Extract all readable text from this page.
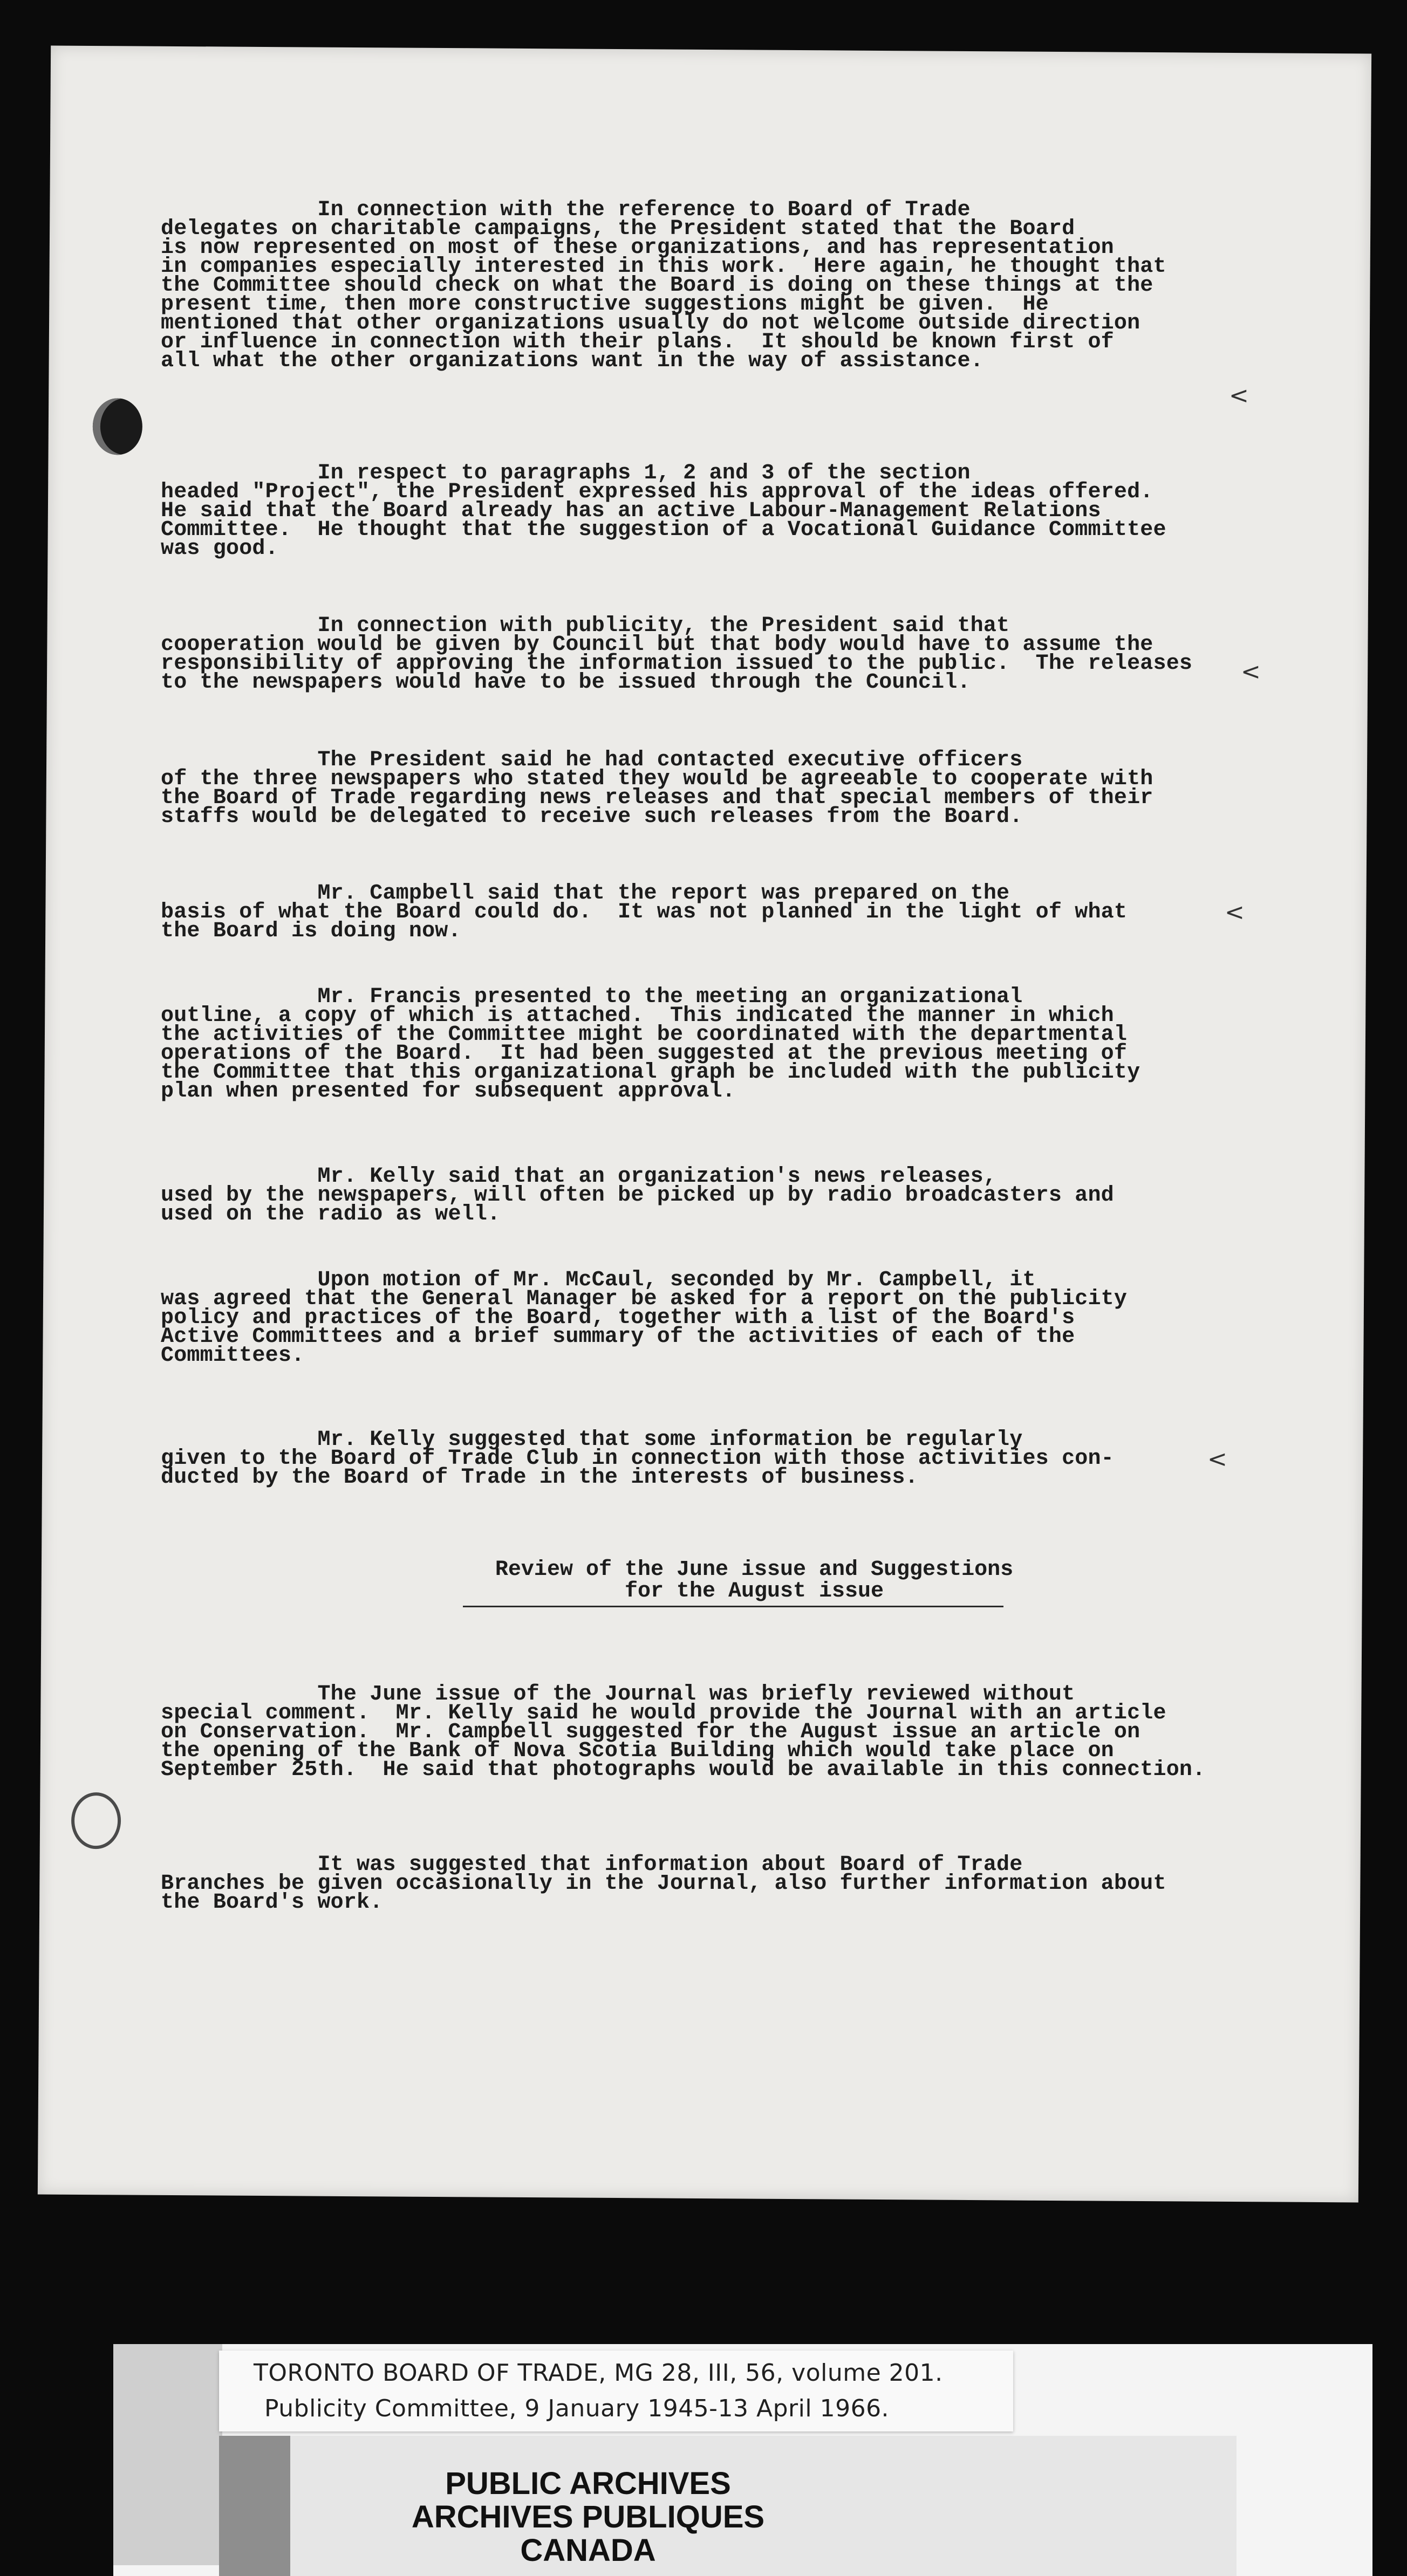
In connection with the reference to Board of Trade
delegates on charitable campaigns, the President stated that the Board
is now represented on most of these organizations, and has representation
in companies especially interested in this work.  Here again, he thought that
the Committee should check on what the Board is doing on these things at the
present time, then more constructive suggestions might be given.  He
mentioned that other organizations usually do not welcome outside direction
or influence in connection with their plans.  It should be known first of
all what the other organizations want in the way of assistance.

In respect to paragraphs 1, 2 and 3 of the section
headed "Project", the President expressed his approval of the ideas offered.
He said that the Board already has an active Labour-Management Relations
Committee.  He thought that the suggestion of a Vocational Guidance Committee
was good.

In connection with publicity, the President said that
cooperation would be given by Council but that body would have to assume the
responsibility of approving the information issued to the public.  The releases
to the newspapers would have to be issued through the Council.

The President said he had contacted executive officers
of the three newspapers who stated they would be agreeable to cooperate with
the Board of Trade regarding news releases and that special members of their
staffs would be delegated to receive such releases from the Board.

Mr. Campbell said that the report was prepared on the
basis of what the Board could do.  It was not planned in the light of what
the Board is doing now.

Mr. Francis presented to the meeting an organizational
outline, a copy of which is attached.  This indicated the manner in which
the activities of the Committee might be coordinated with the departmental
operations of the Board.  It had been suggested at the previous meeting of
the Committee that this organizational graph be included with the publicity
plan when presented for subsequent approval.

Mr. Kelly said that an organization's news releases,
used by the newspapers, will often be picked up by radio broadcasters and
used on the radio as well.

Upon motion of Mr. McCaul, seconded by Mr. Campbell, it
was agreed that the General Manager be asked for a report on the publicity
policy and practices of the Board, together with a list of the Board's
Active Committees and a brief summary of the activities of each of the
Committees.

Mr. Kelly suggested that some information be regularly
given to the Board of Trade Club in connection with those activities con-
ducted by the Board of Trade in the interests of business.

Review of the June issue and Suggestions
for the August issue

The June issue of the Journal was briefly reviewed without
special comment.  Mr. Kelly said he would provide the Journal with an article
on Conservation.  Mr. Campbell suggested for the August issue an article on
the opening of the Bank of Nova Scotia Building which would take place on
September 25th.  He said that photographs would be available in this connection.

It was suggested that information about Board of Trade
Branches be given occasionally in the Journal, also further information about
the Board's work.

<
<
<
<
TORONTO BOARD OF TRADE, MG 28, III, 56, volume 201.
Publicity Committee, 9 January 1945-13 April 1966.
PUBLIC ARCHIVES
ARCHIVES PUBLIQUES
CANADA
